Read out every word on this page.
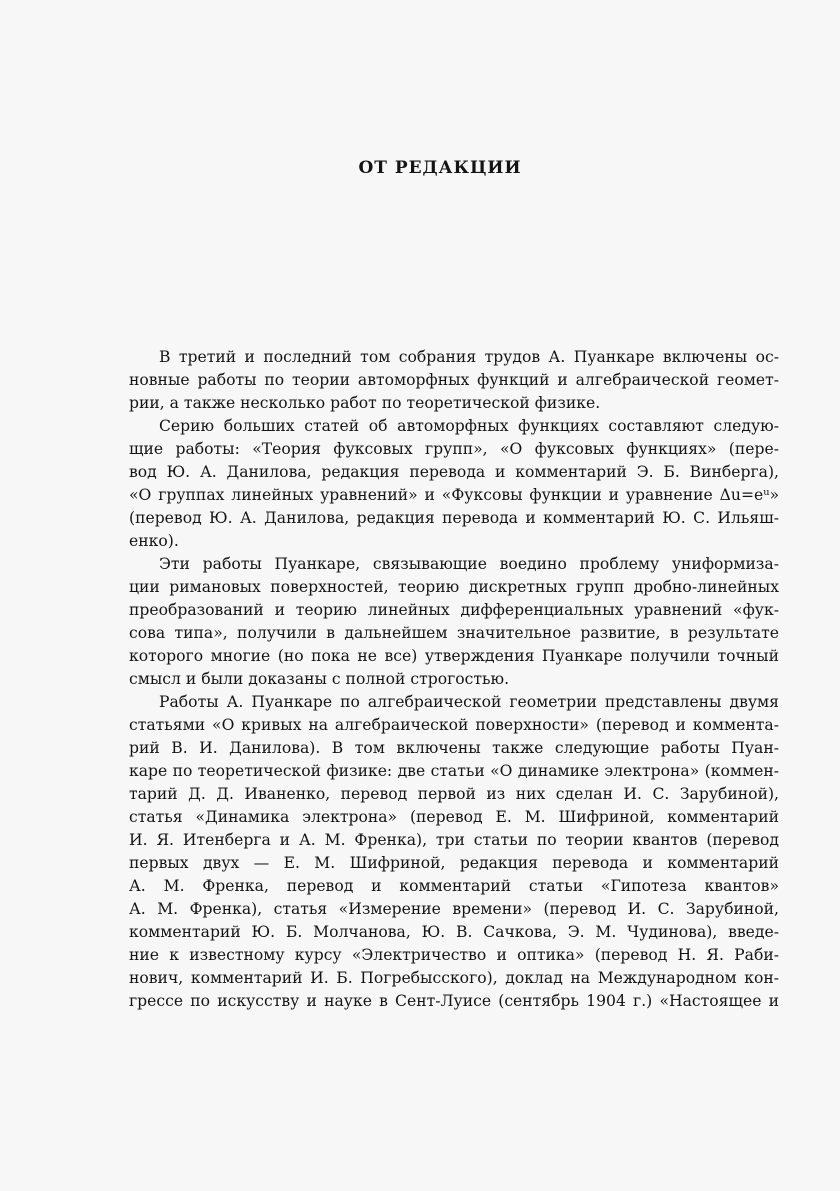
ОТ РЕДАКЦИИ
В третий и последний том собрания трудов А. Пуанкаре включены ос-
новные работы по теории автоморфных функций и алгебраической геомет-
рии, а также несколько работ по теоретической физике.
Серию больших статей об автоморфных функциях составляют следую-
щие работы: «Теория фуксовых групп», «О фуксовых функциях» (пере-
вод Ю. А. Данилова, редакция перевода и комментарий Э. Б. Винберга),
«О группах линейных уравнений» и «Фуксовы функции и уравнение Δu=eᵘ»
(перевод Ю. А. Данилова, редакция перевода и комментарий Ю. С. Ильяш-
енко).
Эти работы Пуанкаре, связывающие воедино проблему униформиза-
ции римановых поверхностей, теорию дискретных групп дробно-линейных
преобразований и теорию линейных дифференциальных уравнений «фук-
сова типа», получили в дальнейшем значительное развитие, в результате
которого многие (но пока не все) утверждения Пуанкаре получили точный
смысл и были доказаны с полной строгостью.
Работы А. Пуанкаре по алгебраической геометрии представлены двумя
статьями «О кривых на алгебраической поверхности» (перевод и коммента-
рий В. И. Данилова). В том включены также следующие работы Пуан-
каре по теоретической физике: две статьи «О динамике электрона» (коммен-
тарий Д. Д. Иваненко, перевод первой из них сделан И. С. Зарубиной),
статья «Динамика электрона» (перевод Е. М. Шифриной, комментарий
И. Я. Итенберга и А. М. Френка), три статьи по теории квантов (перевод
первых двух — Е. М. Шифриной, редакция перевода и комментарий
А. М. Френка, перевод и комментарий статьи «Гипотеза квантов»
А. М. Френка), статья «Измерение времени» (перевод И. С. Зарубиной,
комментарий Ю. Б. Молчанова, Ю. В. Сачкова, Э. М. Чудинова), введе-
ние к известному курсу «Электричество и оптика» (перевод Н. Я. Раби-
нович, комментарий И. Б. Погребысского), доклад на Международном кон-
грессе по искусству и науке в Сент-Луисе (сентябрь 1904 г.) «Настоящее и
